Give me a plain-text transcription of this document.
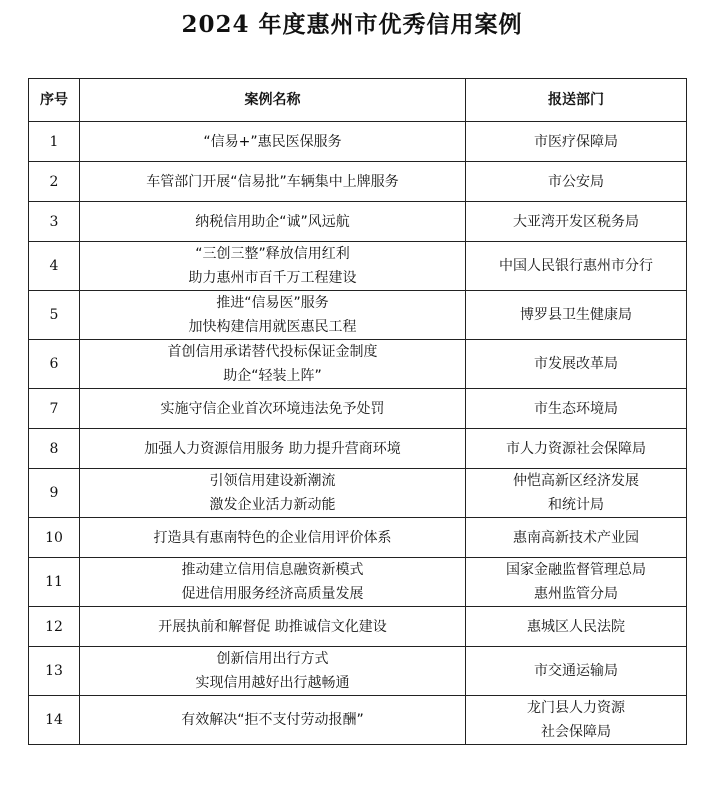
2024 年度惠州市优秀信用案例
序号	案例名称	报送部门
1	“信易+”惠民医保服务	市医疗保障局

2	车管部门开展“信易批”车辆集中上牌服务	市公安局

3	纳税信用助企“诚”风远航	大亚湾开发区税务局

4	“三创三整”释放信用红利
助力惠州市百千万工程建设	中国人民银行惠州市分行

5	推进“信易医”服务
加快构建信用就医惠民工程	博罗县卫生健康局

6	首创信用承诺替代投标保证金制度
助企“轻装上阵”	市发展改革局

7	实施守信企业首次环境违法免予处罚	市生态环境局

8	加强人力资源信用服务 助力提升营商环境	市人力资源社会保障局

9	引领信用建设新潮流
激发企业活力新动能	仲恺高新区经济发展
和统计局

10	打造具有惠南特色的企业信用评价体系	惠南高新技术产业园

11	推动建立信用信息融资新模式
促进信用服务经济高质量发展	国家金融监督管理总局
惠州监管分局

12	开展执前和解督促 助推诚信文化建设	惠城区人民法院

13	创新信用出行方式
实现信用越好出行越畅通	市交通运输局

14	有效解决“拒不支付劳动报酬”	龙门县人力资源
社会保障局
